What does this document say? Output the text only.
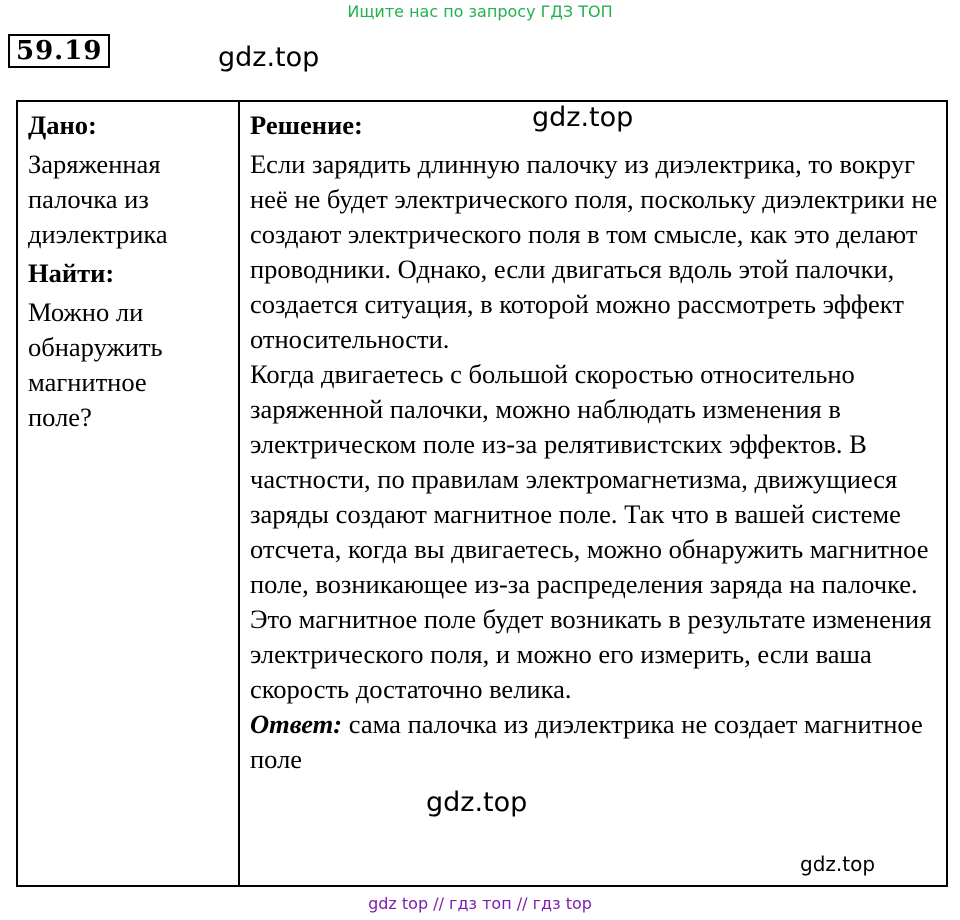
Ищите нас по запросу ГДЗ ТОП
59.19	gdz.top
Дано:
Заряженная
палочка из
диэлектрика
Найти:
Можно ли
обнаружить
магнитное
поле?
Решение:

Если зарядить длинную палочку из диэлектрика, то вокруг неё не будет электрического поля, поскольку диэлектрики не создают электрического поля в том смысле, как это делают проводники. Однако, если двигаться вдоль этой палочки, создается ситуация, в которой можно рассмотреть эффект относительности.

Когда двигаетесь с большой скоростью относительно заряженной палочки, можно наблюдать изменения в электрическом поле из-за релятивистских эффектов. В частности, по правилам электромагнетизма, движущиеся заряды создают магнитное поле. Так что в вашей системе отсчета, когда вы двигаетесь, можно обнаружить магнитное поле, возникающее из-за распределения заряда на палочке. Это магнитное поле будет возникать в результате изменения электрического поля, и можно его измерить, если ваша скорость достаточно велика.

Ответ: сама палочка из диэлектрика не создает магнитное поле

gdz.top
gdz.top
gdz.top
gdz top // гдз топ // гдз top
